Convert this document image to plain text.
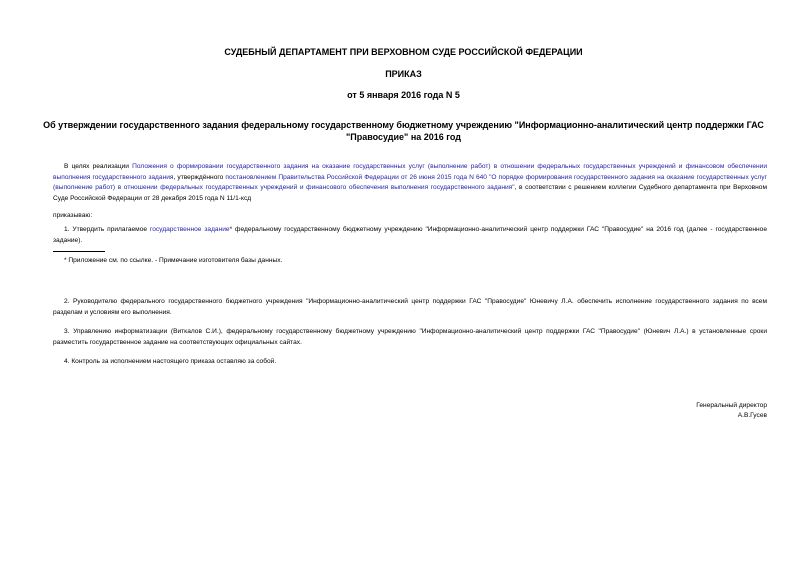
СУДЕБНЫЙ ДЕПАРТАМЕНТ ПРИ ВЕРХОВНОМ СУДЕ РОССИЙСКОЙ ФЕДЕРАЦИИ
ПРИКАЗ
от 5 января 2016 года N 5
Об утверждении государственного задания федеральному государственному бюджетному учреждению "Информационно-аналитический центр поддержки ГАС "Правосудие" на 2016 год
В целях реализации Положения о формировании государственного задания на оказание государственных услуг (выполнение работ) в отношении федеральных государственных учреждений и финансовом обеспечении выполнения государственного задания, утверждённого постановлением Правительства Российской Федерации от 26 июня 2015 года N 640 "О порядке формирования государственного задания на оказание государственных услуг (выполнение работ) в отношении федеральных государственных учреждений и финансового обеспечения выполнения государственного задания", в соответствии с решением коллегии Судебного департамента при Верховном Суде Российской Федерации от 28 декабря 2015 года N 11/1-ксд
приказываю:
1. Утвердить прилагаемое государственное задание* федеральному государственному бюджетному учреждению "Информационно-аналитический центр поддержки ГАС "Правосудие" на 2016 год (далее - государственное задание).
* Приложение см. по ссылке. - Примечание изготовителя базы данных.
2. Руководителю федерального государственного бюджетного учреждения "Информационно-аналитический центр поддержки ГАС "Правосудие" Юневичу Л.А. обеспечить исполнение государственного задания по всем разделам и условиям его выполнения.
3. Управлению информатизации (Виткалов С.И.), федеральному государственному бюджетному учреждению "Информационно-аналитический центр поддержки ГАС "Правосудие" (Юневич Л.А.) в установленные сроки разместить государственное задание на соответствующих официальных сайтах.
4. Контроль за исполнением настоящего приказа оставляю за собой.
Генеральный директор
А.В.Гусев
